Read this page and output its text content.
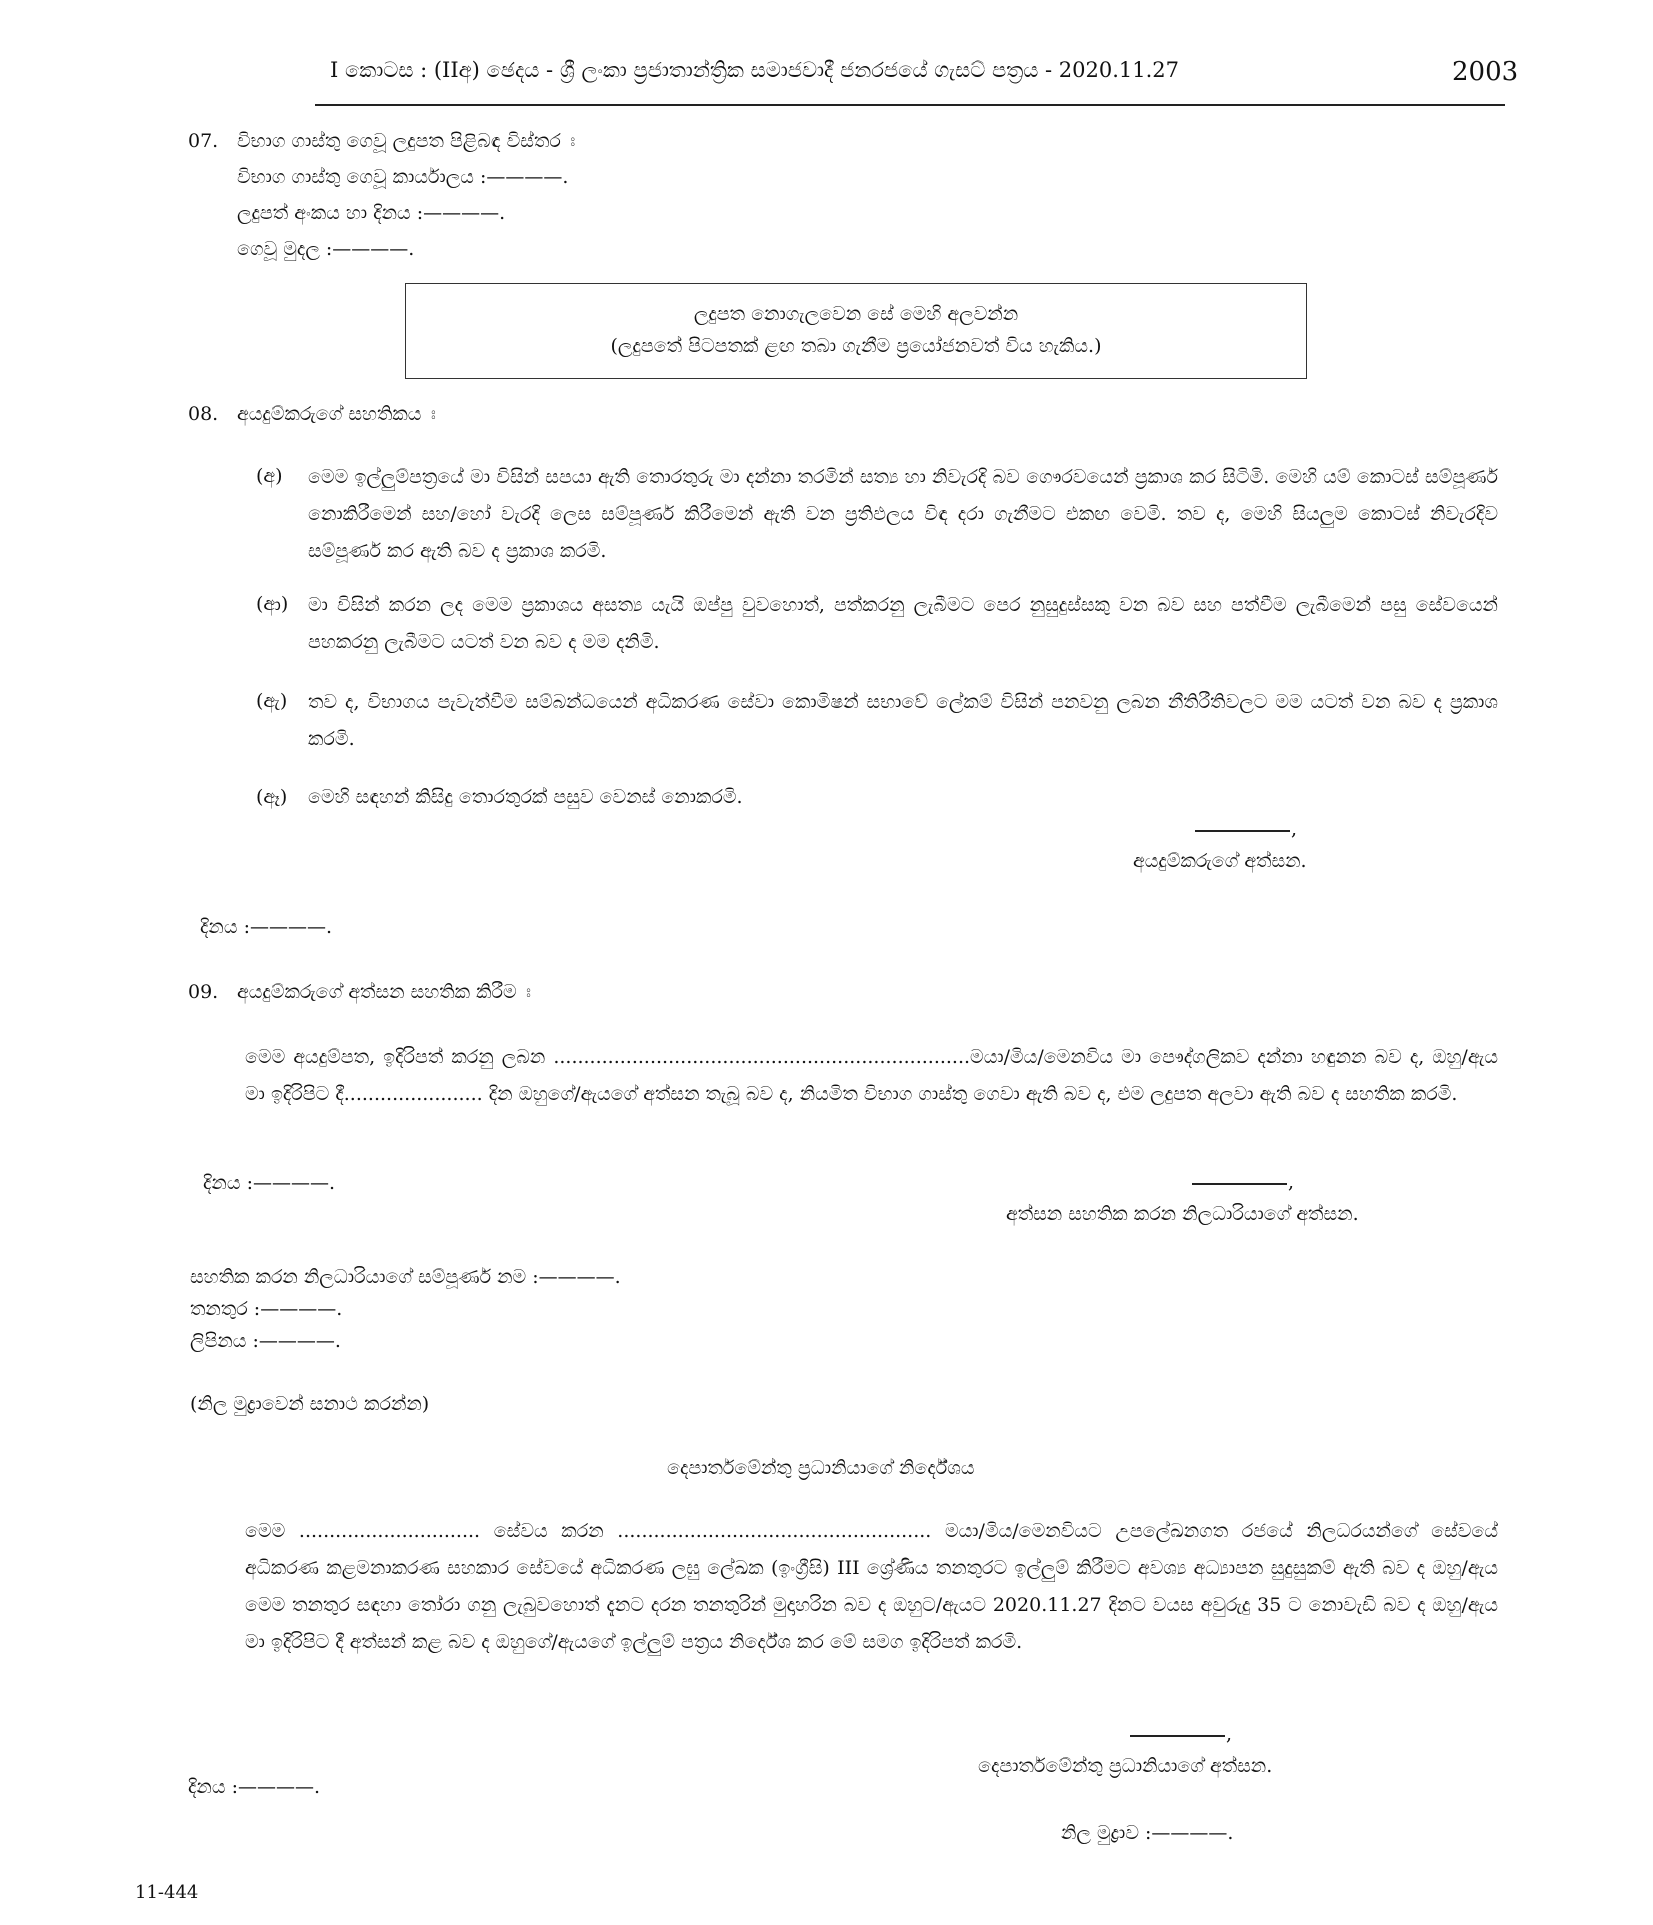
I කොටස : (IIඅ) ඡෙදය - ශ්‍රී ලංකා ප්‍රජාතාන්ත්‍රික සමාජවාදී ජනරජයේ ගැසට් පත්‍රය - 2020.11.27	2003
07. විභාග ගාස්තු ගෙවූ ලදුපත පිළිබඳ විස්තර ඃ
විභාග ගාස්තු ගෙවූ කාර්යාලය :————.
ලදුපත් අංකය හා දිනය :————.
ගෙවූ මුදල :————.
ලදුපත නොගැලවෙන සේ මෙහි අලවන්න
(ලදුපතේ පිටපතක් ළඟ තබා ගැනීම ප්‍රයෝජනවත් විය හැකිය.)
08. අයදුම්කරුගේ සහතිකය ඃ
(අ) මෙම ඉල්ලුම්පත්‍රයේ මා විසින් සපයා ඇති තොරතුරු මා දන්නා තරමින් සත්‍ය හා නිවැරදි බව ගෞරවයෙන් ප්‍රකාශ කර සිටිමි. මෙහි යම් කොටස් සම්පූර්ණ නොකිරීමෙන් සහ/හෝ වැරදි ලෙස සම්පූර්ණ කිරීමෙන් ඇති වන ප්‍රතිඵලය විඳ දරා ගැනීමට එකඟ වෙමි. තව ද, මෙහි සියලුම කොටස් නිවැරදිව සම්පූර්ණ කර ඇති බව ද ප්‍රකාශ කරමි.
(ආ) මා විසින් කරන ලද මෙම ප්‍රකාශය අසත්‍ය යැයි ඔප්පු වුවහොත්, පත්කරනු ලැබීමට පෙර නුසුදුස්සකු වන බව සහ පත්වීම ලැබීමෙන් පසු සේවයෙන් පහකරනු ලැබීමට යටත් වන බව ද මම දනිමි.
(ඇ) තව ද, විභාගය පැවැත්වීම සම්බන්ධයෙන් අධිකරණ සේවා කොමිෂන් සභාවේ ලේකම් විසින් පනවනු ලබන නීතිරීතිවලට මම යටත් වන බව ද ප්‍රකාශ කරමි.
(ඈ) මෙහි සඳහන් කිසිදු තොරතුරක් පසුව වෙනස් නොකරමි.
,
අයදුම්කරුගේ අත්සන.
දිනය :————.
09. අයදුම්කරුගේ අත්සන සහතික කිරීම ඃ
මෙම අයදුම්පත, ඉදිරිපත් කරනු ලබන .....................................................................මයා/මිය/මෙනවිය මා පෞද්ගලිකව දන්නා හඳුනන බව ද, ඔහු/ඇය මා ඉදිරිපිට දී....................... දින ඔහුගේ/ඇයගේ අත්සන තැබූ බව ද, නියමිත විභාග ගාස්තු ගෙවා ඇති බව ද, එම ලදුපත අලවා ඇති බව ද සහතික කරමි.
දිනය :————.	,
අත්සන සහතික කරන නිලධාරියාගේ අත්සන.
සහතික කරන නිලධාරියාගේ සම්පූර්ණ නම :————.
තනතුර :————.
ලිපිනය :————.
(නිල මුද්‍රාවෙන් සනාථ කරන්න)
දෙපාර්තමේන්තු ප්‍රධානියාගේ නිර්දේශය
මෙම .............................. සේවය කරන .................................................... මයා/මිය/මෙනවියට උපලේඛනගත රජයේ නිලධරයන්ගේ සේවයේ අධිකරණ කළමනාකරණ සහකාර සේවයේ අධිකරණ ලඝු ලේඛක (ඉංග්‍රීසි) III ශ්‍රේණිය තනතුරට ඉල්ලුම් කිරීමට අවශ්‍ය අධ්‍යාපන සුදුසුකම් ඇති බව ද ඔහු/ඇය මෙම තනතුර සඳහා තෝරා ගනු ලැබුවහොත් දැනට දරන තනතුරින් මුදාහරින බව ද ඔහුට/ඇයට 2020.11.27 දිනට වයස අවුරුදු 35 ට නොවැඩි බව ද ඔහු/ඇය මා ඉදිරිපිට දී අත්සන් කළ බව ද ඔහුගේ/ඇයගේ ඉල්ලුම් පත්‍රය නිර්දේශ කර මේ සමග ඉදිරිපත් කරමි.
,
දෙපාර්තමේන්තු ප්‍රධානියාගේ අත්සන.
දිනය :————.
නිල මුද්‍රාව :————.
11-444
